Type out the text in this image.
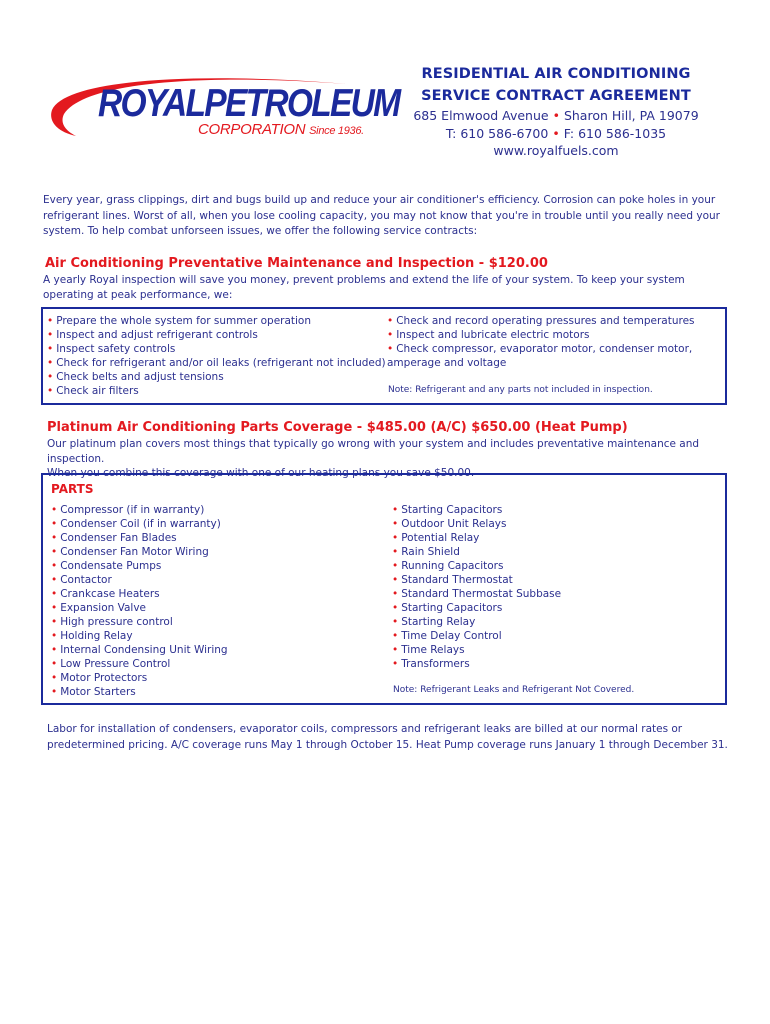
ROYALPETROLEUM
CORPORATION Since 1936.
RESIDENTIAL AIR CONDITIONING
SERVICE CONTRACT AGREEMENT
685 Elmwood Avenue • Sharon Hill, PA 19079
T: 610 586-6700 • F: 610 586-1035
www.royalfuels.com
Every year, grass clippings, dirt and bugs build up and reduce your air conditioner's efficiency. Corrosion can poke holes in your refrigerant lines. Worst of all, when you lose cooling capacity, you may not know that you're in trouble until you really need your system. To help combat unforseen issues, we offer the following service contracts:
Air Conditioning Preventative Maintenance and Inspection - $120.00
A yearly Royal inspection will save you money, prevent problems and extend the life of your system. To keep your system operating at peak performance, we:
• Prepare the whole system for summer operation
• Inspect and adjust refrigerant controls
• Inspect safety controls
• Check for refrigerant and/or oil leaks (refrigerant not included)
• Check belts and adjust tensions
• Check air filters
• Check and record operating pressures and temperatures
• Inspect and lubricate electric motors
• Check compressor, evaporator motor, condenser motor,
amperage and voltage
Note: Refrigerant and any parts not included in inspection.
Platinum Air Conditioning Parts Coverage - $485.00 (A/C) $650.00 (Heat Pump)
Our platinum plan covers most things that typically go wrong with your system and includes preventative maintenance and inspection.
When you combine this coverage with one of our heating plans you save $50.00.
PARTS
• Compressor (if in warranty)
• Condenser Coil (if in warranty)
• Condenser Fan Blades
• Condenser Fan Motor Wiring
• Condensate Pumps
• Contactor
• Crankcase Heaters
• Expansion Valve
• High pressure control
• Holding Relay
• Internal Condensing Unit Wiring
• Low Pressure Control
• Motor Protectors
• Motor Starters
• Starting Capacitors
• Outdoor Unit Relays
• Potential Relay
• Rain Shield
• Running Capacitors
• Standard Thermostat
• Standard Thermostat Subbase
• Starting Capacitors
• Starting Relay
• Time Delay Control
• Time Relays
• Transformers
Note: Refrigerant Leaks and Refrigerant Not Covered.
Labor for installation of condensers, evaporator coils, compressors and refrigerant leaks are billed at our normal rates or predetermined pricing. A/C coverage runs May 1 through October 15. Heat Pump coverage runs January 1 through December 31.
